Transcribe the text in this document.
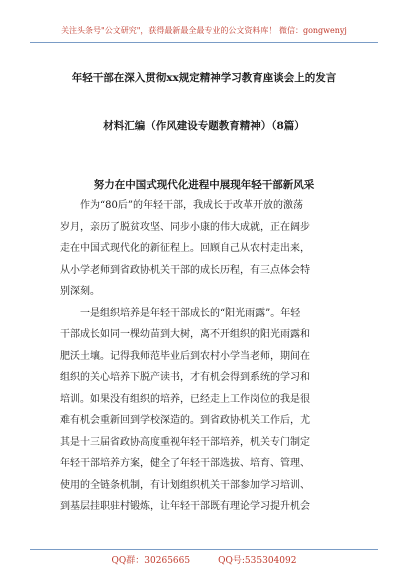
关注头条号"公文研究"，获得最新最全最专业的公文资料库！ 微信：gongwenyj
年轻干部在深入贯彻xx规定精神学习教育座谈会上的发言
材料汇编（作风建设专题教育精神）（8篇）
努力在中国式现代化进程中展现年轻干部新风采
作为“80后”的年轻干部，我成长于改革开放的激荡
岁月，亲历了脱贫攻坚、同步小康的伟大成就，正在阔步
走在中国式现代化的新征程上。回顾自己从农村走出来，
从小学老师到省政协机关干部的成长历程，有三点体会特
别深刻。
一是组织培养是年轻干部成长的“阳光雨露”。年轻
干部成长如同一棵幼苗到大树，离不开组织的阳光雨露和
肥沃土壤。记得我师范毕业后到农村小学当老师，期间在
组织的关心培养下脱产读书，才有机会得到系统的学习和
培训。如果没有组织的培养，已经走上工作岗位的我是很
难有机会重新回到学校深造的。到省政协机关工作后，尤
其是十三届省政协高度重视年轻干部培养，机关专门制定
年轻干部培养方案，健全了年轻干部选拔、培育、管理、
使用的全链条机制，有计划组织机关干部参加学习培训、
到基层挂职驻村锻炼，让年轻干部既有理论学习提升机会
QQ群：30265665	QQ号:535304092
